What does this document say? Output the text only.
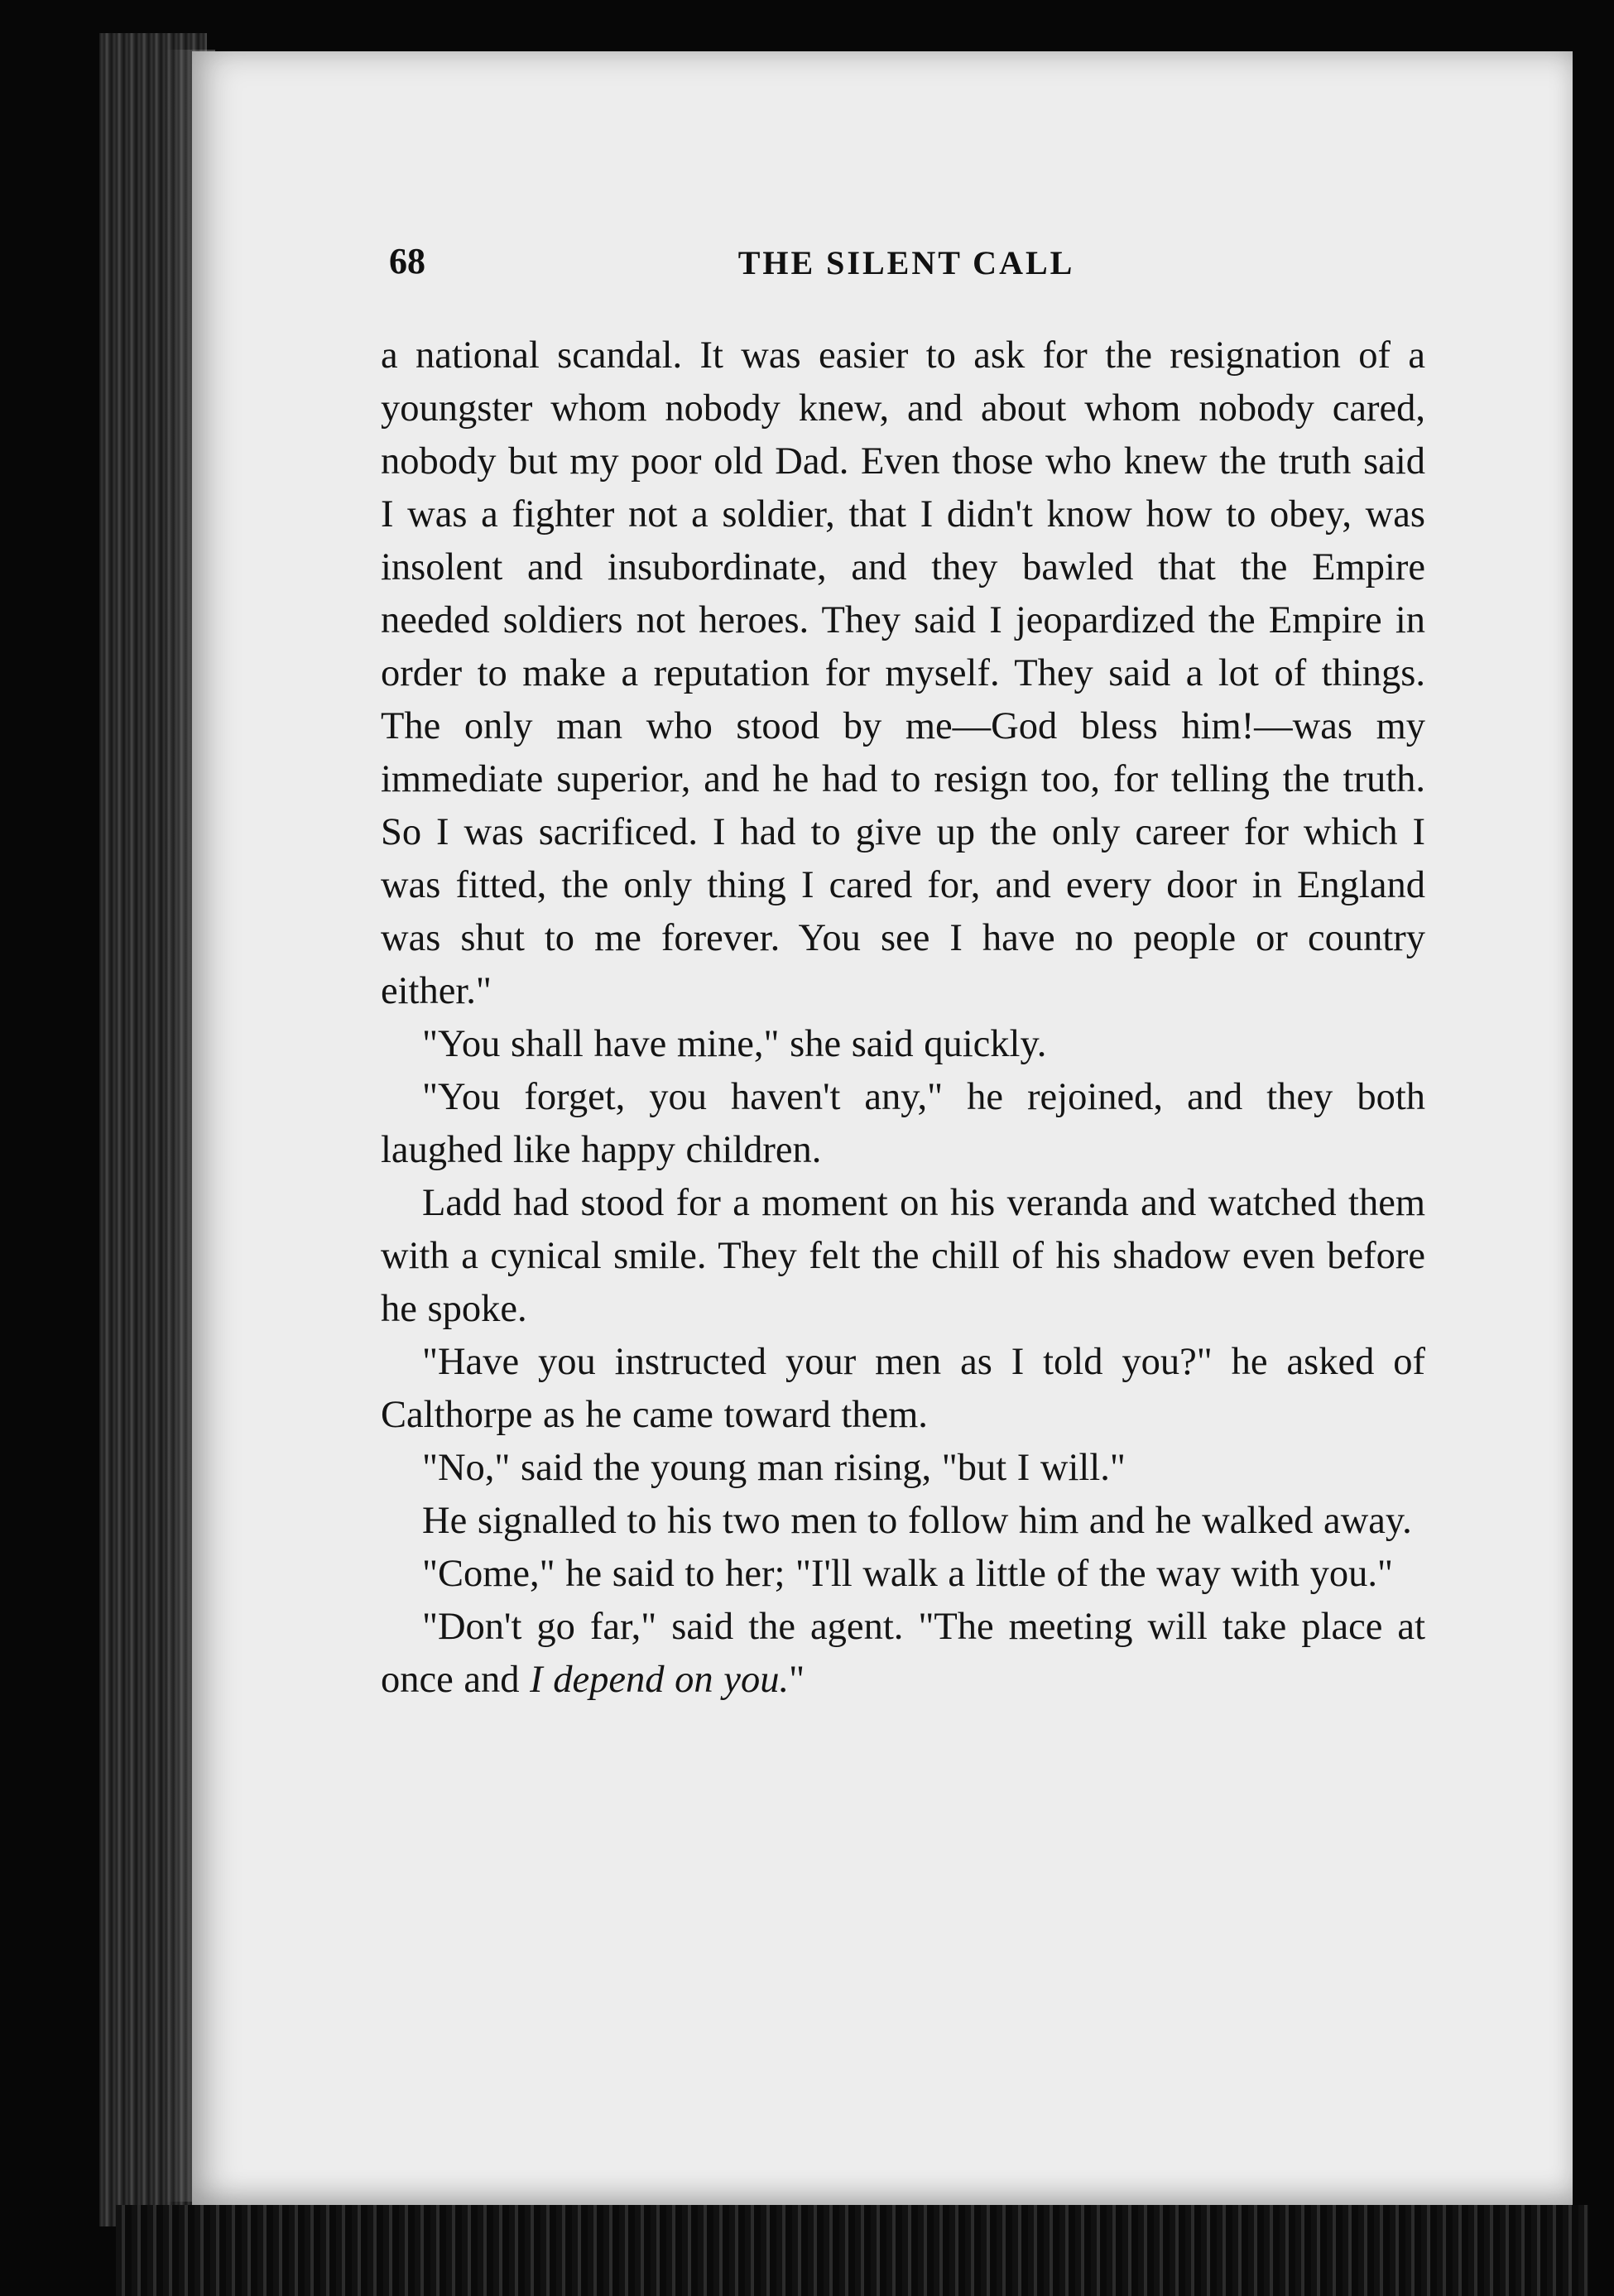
68	THE SILENT CALL

a national scandal. It was easier to ask for the resignation of a youngster whom nobody knew, and about whom nobody cared, nobody but my poor old Dad. Even those who knew the truth said I was a fighter not a soldier, that I didn't know how to obey, was insolent and insubordinate, and they bawled that the Empire needed soldiers not heroes. They said I jeopardized the Empire in order to make a reputation for myself. They said a lot of things. The only man who stood by me—God bless him!—was my immediate superior, and he had to resign too, for telling the truth. So I was sacrificed. I had to give up the only career for which I was fitted, the only thing I cared for, and every door in England was shut to me forever. You see I have no people or country either."

"You shall have mine," she said quickly.

"You forget, you haven't any," he rejoined, and they both laughed like happy children.

Ladd had stood for a moment on his veranda and watched them with a cynical smile. They felt the chill of his shadow even before he spoke.

"Have you instructed your men as I told you?" he asked of Calthorpe as he came toward them.

"No," said the young man rising, "but I will."

He signalled to his two men to follow him and he walked away.

"Come," he said to her; "I'll walk a little of the way with you."

"Don't go far," said the agent. "The meeting will take place at once and I depend on you."
